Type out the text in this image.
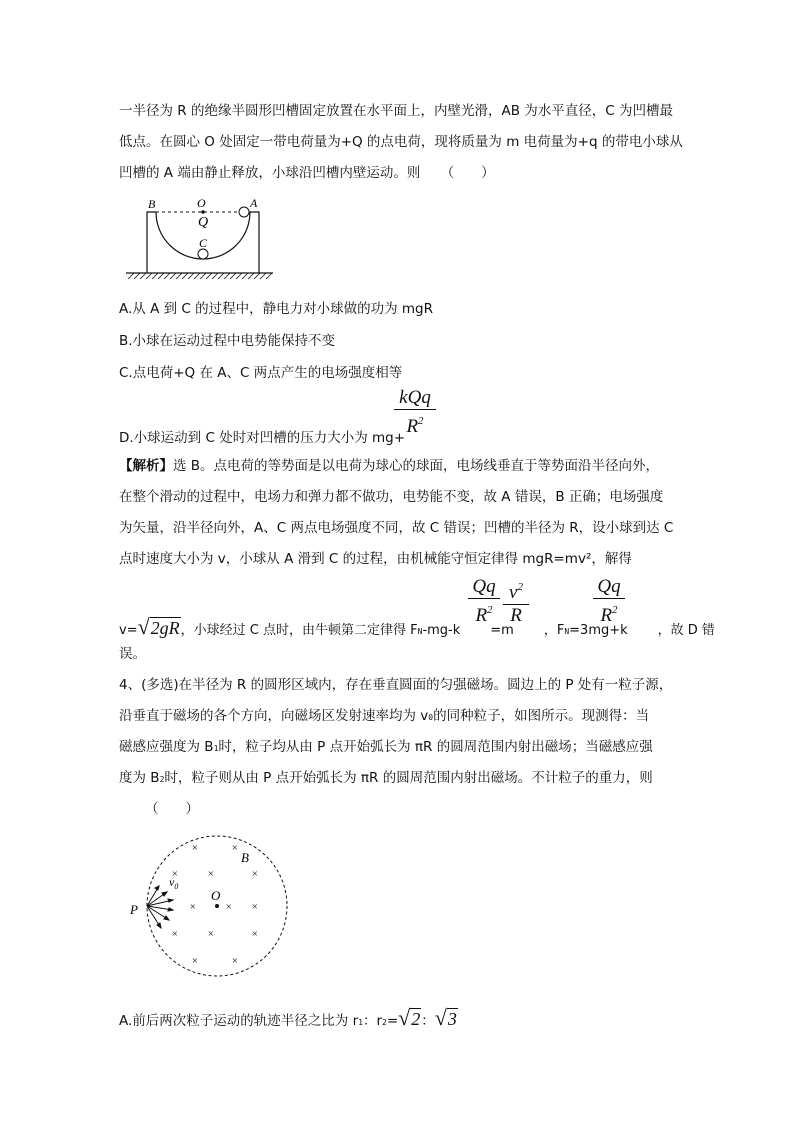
一半径为 R 的绝缘半圆形凹槽固定放置在水平面上，内壁光滑，AB 为水平直径，C 为凹槽最
低点。在圆心 O 处固定一带电荷量为+Q 的点电荷，现将质量为 m 电荷量为+q 的带电小球从
凹槽的 A 端由静止释放，小球沿凹槽内壁运动。则　　（　　）
B	O	A
Q
C
A.从 A 到 C 的过程中，静电力对小球做的功为 mgR
B.小球在运动过程中电势能保持不变
C.点电荷+Q 在 A、C 两点产生的电场强度相等
D.小球运动到 C 处时对凹槽的压力大小为 mg+
kQq
$R^2$
【解析】选 B。点电荷的等势面是以电荷为球心的球面，电场线垂直于等势面沿半径向外，
在整个滑动的过程中，电场力和弹力都不做功，电势能不变，故 A 错误，B 正确；电场强度
为矢量，沿半径向外，A、C 两点电场强度不同，故 C 错误；凹槽的半径为 R，设小球到达 C
点时速度大小为 v，小球从 A 滑到 C 的过程，由机械能守恒定律得 mgR=mv²，解得
v=√2gR，小球经过 C 点时，由牛顿第二定律得 FN-mg-k =m ，FN=3mg+k ，故 D 错
Qq
$R^2$
$v^2$
R
Qq
$R^2$
误。
4、(多选)在半径为 R 的圆形区域内，存在垂直圆面的匀强磁场。圆边上的 P 处有一粒子源，
沿垂直于磁场的各个方向，向磁场区发射速率均为 v0的同种粒子，如图所示。现测得：当
磁感应强度为 B1时，粒子均从由 P 点开始弧长为 πR 的圆周范围内射出磁场；当磁感应强
度为 B2时，粒子则从由 P 点开始弧长为 πR 的圆周范围内射出磁场。不计粒子的重力，则
（　　）
×	×
×	×	×
×	× ×
×	×	×
×	×
O
B
P
$v_0$
A.前后两次粒子运动的轨迹半径之比为 r1：r2=√2：√3
